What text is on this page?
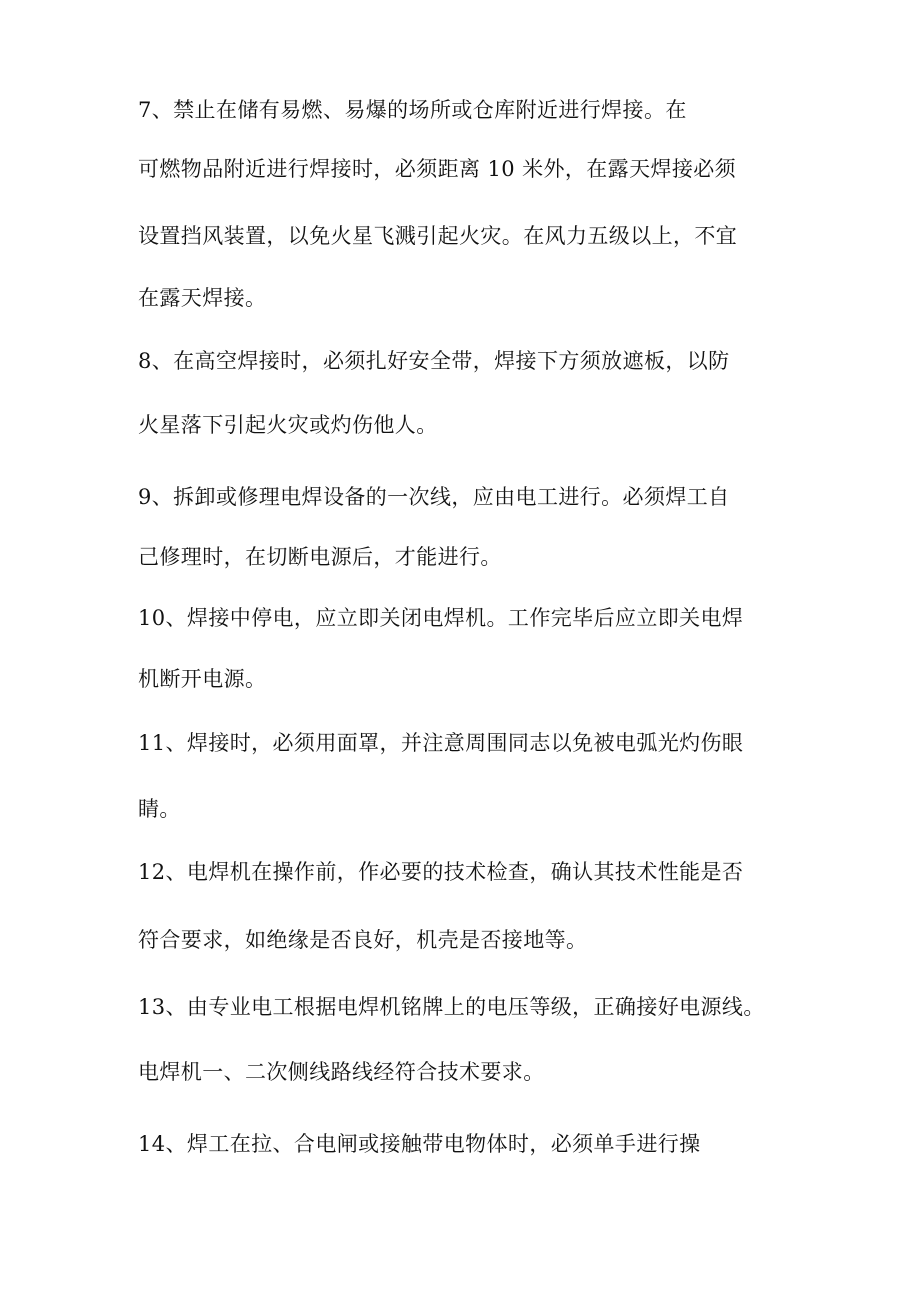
7、禁止在储有易燃、易爆的场所或仓库附近进行焊接。在
可燃物品附近进行焊接时，必须距离 10 米外，在露天焊接必须
设置挡风装置，以免火星飞溅引起火灾。在风力五级以上，不宜
在露天焊接。
8、在高空焊接时，必须扎好安全带，焊接下方须放遮板，以防
火星落下引起火灾或灼伤他人。
9、拆卸或修理电焊设备的一次线，应由电工进行。必须焊工自
己修理时，在切断电源后，才能进行。
10、焊接中停电，应立即关闭电焊机。工作完毕后应立即关电焊
机断开电源。
11、焊接时，必须用面罩，并注意周围同志以免被电弧光灼伤眼
睛。
12、电焊机在操作前，作必要的技术检查，确认其技术性能是否
符合要求，如绝缘是否良好，机壳是否接地等。
13、由专业电工根据电焊机铭牌上的电压等级，正确接好电源线。
电焊机一、二次侧线路线经符合技术要求。
14、焊工在拉、合电闸或接触带电物体时，必须单手进行操
